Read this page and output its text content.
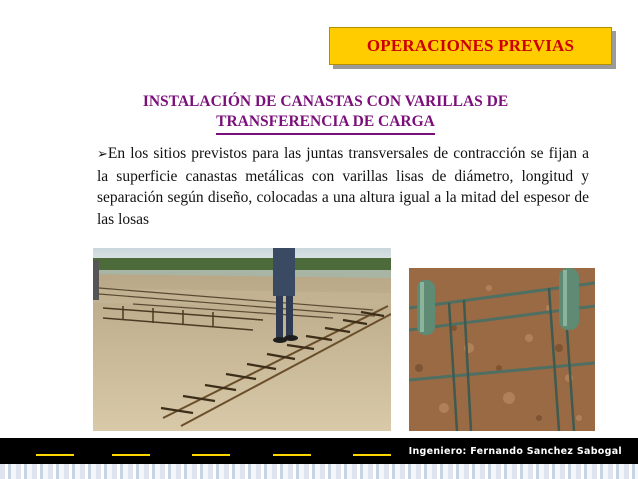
OPERACIONES PREVIAS
INSTALACIÓN DE CANASTAS CON VARILLAS DE
TRANSFERENCIA DE CARGA
➢En los sitios previstos para las juntas transversales de contracción se fijan a la superficie canastas metálicas con varillas lisas de diámetro, longitud y separación según diseño, colocadas a una altura igual a la mitad del espesor de las losas
Ingeniero: Fernando Sanchez Sabogal
